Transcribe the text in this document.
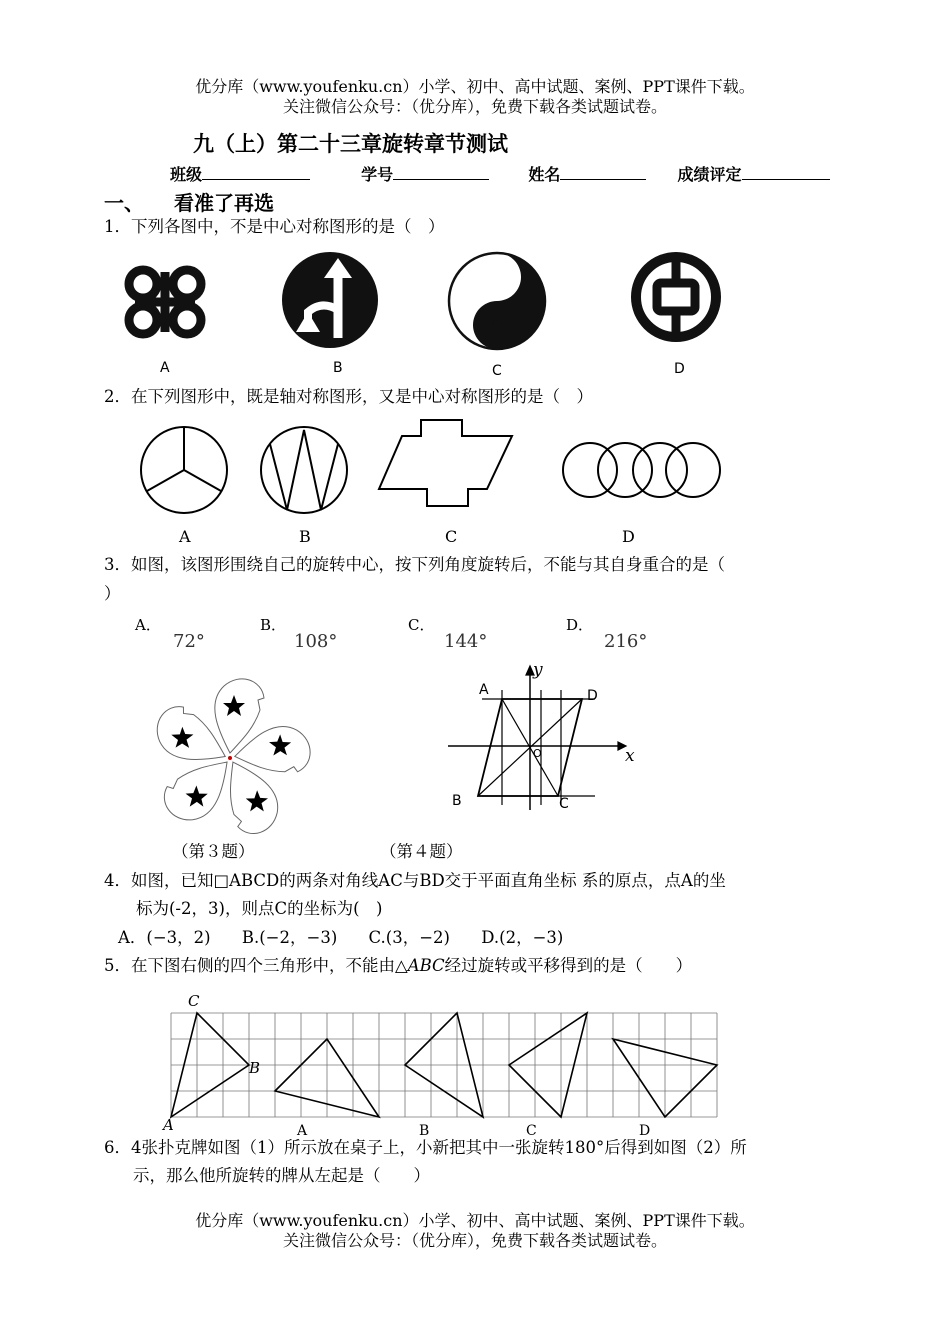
优分库（www.youfenku.cn）小学、初中、高中试题、案例、PPT课件下载。
关注微信公众号：（优分库），免费下载各类试题试卷。
九（上）第二十三章旋转章节测试
班级	学号	姓名	成绩评定
一、 看准了再选
1．下列各图中，不是中心对称图形的是（　）
A	B	C	D
2．在下列图形中，既是轴对称图形，又是中心对称图形的是（　）
A	B	C	D
3．如图，该图形围绕自己的旋转中心，按下列角度旋转后，不能与其自身重合的是（
）
A．
72°
B．
108°
C．
144°
D．
216°
A	D
B	C
O	x
y
（第３题）	（第４题）
4．如图，已知□ABCD的两条对角线AC与BD交于平面直角坐标 系的原点，点A的坐
标为(-2，3)，则点C的坐标为(　)
A．(−3，2) B.(−2，−3) C.(3，−2) D.(2，−3)
5．在下图右侧的四个三角形中，不能由△ABC经过旋转或平移得到的是（　　）
C
B
A	A	B	C	D
6．4张扑克牌如图（1）所示放在桌子上，小新把其中一张旋转180°后得到如图（2）所
示，那么他所旋转的牌从左起是（　　）
优分库（www.youfenku.cn）小学、初中、高中试题、案例、PPT课件下载。
关注微信公众号：（优分库），免费下载各类试题试卷。
